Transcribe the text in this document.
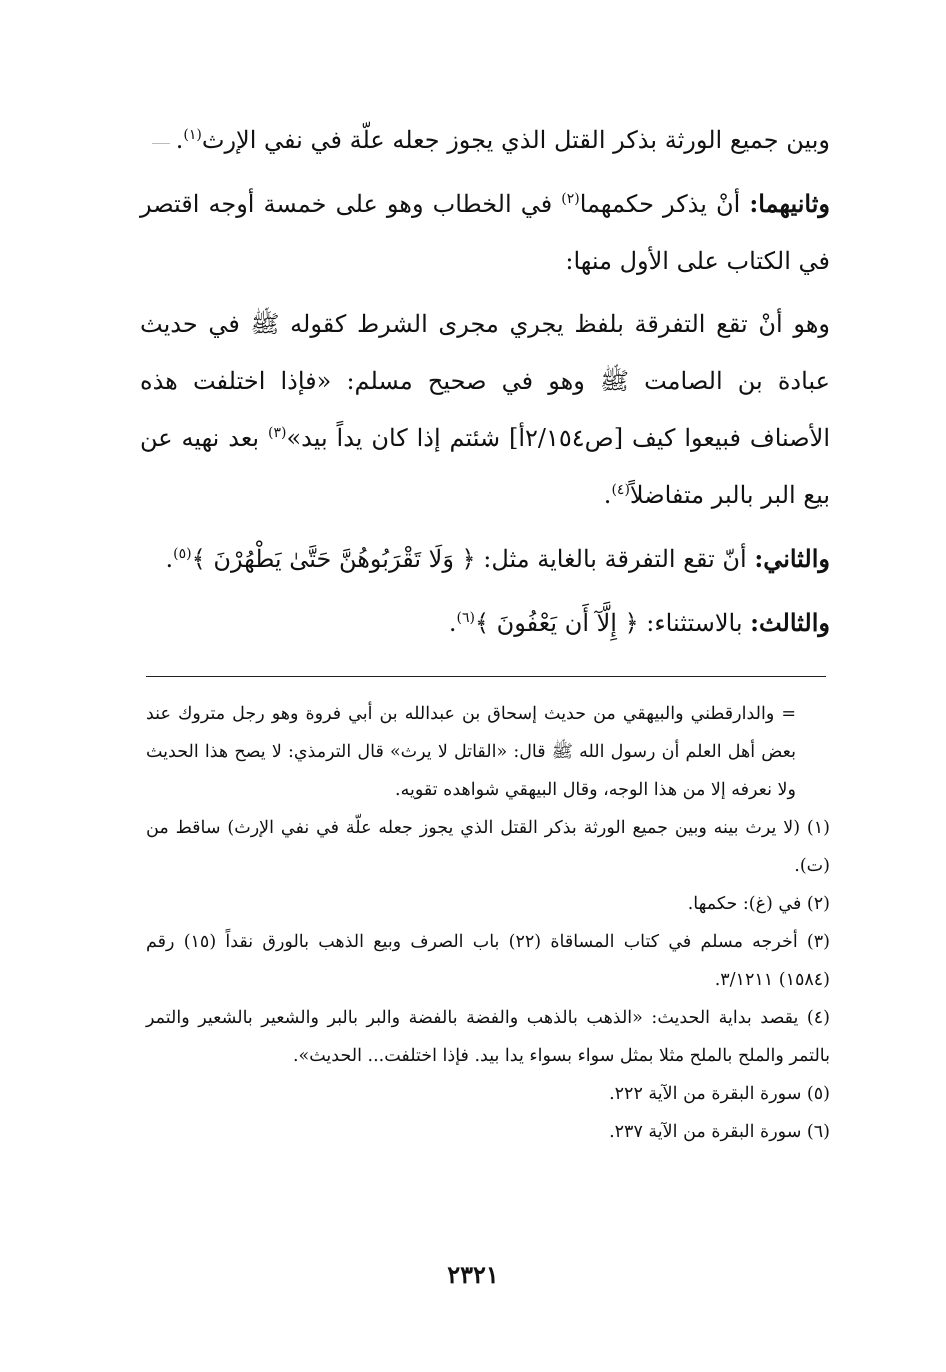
وبين جميع الورثة بذكر القتل الذي يجوز جعله علّة في نفي الإرث$^{(١)}$.

وثانيهما: أنْ يذكر حكمهما$^{(٢)}$ في الخطاب وهو على خمسة أوجه اقتصر في الكتاب على الأول منها:

وهو أنْ تقع التفرقة بلفظ يجري مجرى الشرط كقوله ﷺ في حديث عبادة بن الصامت ﷺ وهو في صحيح مسلم: «فإذا اختلفت هذه الأصناف فبيعوا كيف [ص٢/١٥٤أ] شئتم إذا كان يداً بيد»$^{(٣)}$ بعد نهيه عن بيع البر بالبر متفاضلاً$^{(٤)}$.

والثاني: أنّ تقع التفرقة بالغاية مثل: ﴿ وَلَا تَقْرَبُوهُنَّ حَتَّىٰ يَطْهُرْنَ ﴾$^{(٥)}$.

والثالث: بالاستثناء: ﴿ إِلَّآ أَن يَعْفُونَ ﴾$^{(٦)}$.

= والدارقطني والبيهقي من حديث إسحاق بن عبدالله بن أبي فروة وهو رجل متروك عند بعض أهل العلم أن رسول الله ﷺ قال: «القاتل لا يرث» قال الترمذي: لا يصح هذا الحديث ولا نعرفه إلا من هذا الوجه، وقال البيهقي شواهده تقويه.

(١) (لا يرث بينه وبين جميع الورثة بذكر القتل الذي يجوز جعله علّة في نفي الإرث) ساقط من (ت).

(٢) في (غ): حكمها.

(٣) أخرجه مسلم في كتاب المساقاة (٢٢) باب الصرف وبيع الذهب بالورق نقداً (١٥) رقم (١٥٨٤) ٣/١٢١١.

(٤) يقصد بداية الحديث: «الذهب بالذهب والفضة بالفضة والبر بالبر والشعير بالشعير والتمر بالتمر والملح بالملح مثلا بمثل سواء بسواء يدا بيد. فإذا اختلفت... الحديث».

(٥) سورة البقرة من الآية ٢٢٢.

(٦) سورة البقرة من الآية ٢٣٧.

٢٣٢١
